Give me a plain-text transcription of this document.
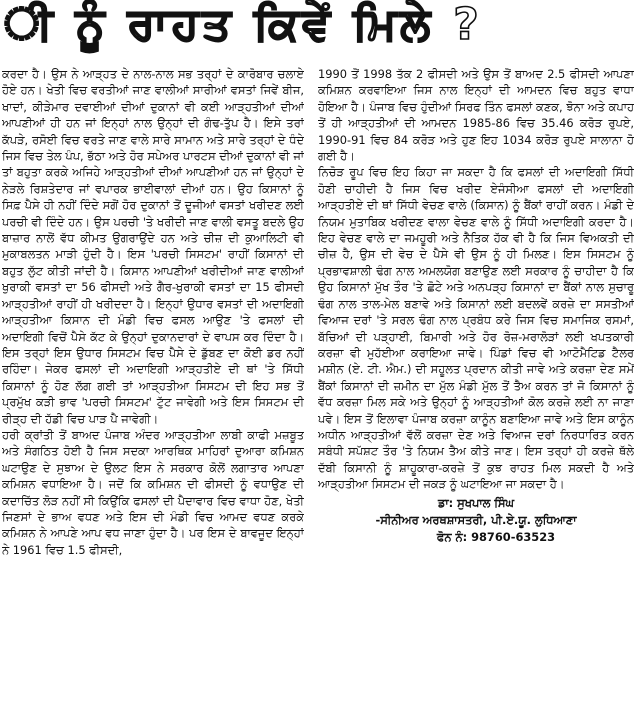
ੀ ਨੂੰ ਰਾਹਤ ਕਿਵੇਂ ਮਿਲੇ ?

ਕਰਦਾ ਹੈ। ਉਸ ਨੇ ਆੜ੍ਹਤ ਦੇ ਨਾਲ-ਨਾਲ ਸਭ ਤਰ੍ਹਾਂ ਦੇ ਕਾਰੋਬਾਰ ਚਲਾਏ ਹੋਏ ਹਨ। ਖੇਤੀ ਵਿਚ ਵਰਤੀਆਂ ਜਾਣ ਵਾਲੀਆਂ ਸਾਰੀਆਂ ਵਸਤਾਂ ਜਿਵੇਂ ਬੀਜ, ਖਾਦਾਂ, ਕੀੜੇਮਾਰ ਦਵਾਈਆਂ ਦੀਆਂ ਦੁਕਾਨਾਂ ਵੀ ਕਈ ਆੜ੍ਹਤੀਆਂ ਦੀਆਂ ਆਪਣੀਆਂ ਹੀ ਹਨ ਜਾਂ ਇਨ੍ਹਾਂ ਨਾਲ ਉਨ੍ਹਾਂ ਦੀ ਗੰਢ-ਤੁੱਪ ਹੈ। ਇਸੇ ਤਰਾਂ ਕੱਪੜੇ, ਰਸੋਈ ਵਿਚ ਵਰਤੇ ਜਾਣ ਵਾਲੇ ਸਾਰੇ ਸਾਮਾਨ ਅਤੇ ਸਾਰੇ ਤਰ੍ਹਾਂ ਦੇ ਧੰਦੇ ਜਿਸ ਵਿਚ ਤੇਲ ਪੰਪ, ਭੱਠਾ ਅਤੇ ਹੋਰ ਸਪੇਅਰ ਪਾਰਟਸ ਦੀਆਂ ਦੁਕਾਨਾਂ ਵੀ ਜਾਂ ਤਾਂ ਬਹੁਤਾ ਕਰਕੇ ਅਜਿਹੇ ਆੜ੍ਹਤੀਆਂ ਦੀਆਂ ਆਪਣੀਆਂ ਹਨ ਜਾਂ ਉਨ੍ਹਾਂ ਦੇ ਨੇੜਲੇ ਰਿਸ਼ਤੇਦਾਰ ਜਾਂ ਵਪਾਰਕ ਭਾਈਵਾਲਾਂ ਦੀਆਂ ਹਨ। ਉਹ ਕਿਸਾਨਾਂ ਨੂੰ ਸਿਫ਼ ਪੈਸੇ ਹੀ ਨਹੀਂ ਦਿੰਦੇ ਸਗੋਂ ਹੋਰ ਦੁਕਾਨਾਂ ਤੋਂ ਦੂਜੀਆਂ ਵਸਤਾਂ ਖਰੀਦਣ ਲਈ ਪਰਚੀ ਵੀ ਦਿੰਦੇ ਹਨ। ਉਸ ਪਰਚੀ 'ਤੇ ਖਰੀਦੀ ਜਾਣ ਵਾਲੀ ਵਸਤੂ ਬਦਲੇ ਉਹ ਬਾਜ਼ਾਰ ਨਾਲੋਂ ਵੱਧ ਕੀਮਤ ਉਗਰਾਉਂਦੇ ਹਨ ਅਤੇ ਚੀਜ਼ ਦੀ ਕੁਆਲਿਟੀ ਵੀ ਮੁਕਾਬਲਤਨ ਮਾੜੀ ਹੁੰਦੀ ਹੈ। ਇਸ 'ਪਰਚੀ ਸਿਸਟਮ' ਰਾਹੀਂ ਕਿਸਾਨਾਂ ਦੀ ਬਹੁਤ ਲੁੱਟ ਕੀਤੀ ਜਾਂਦੀ ਹੈ। ਕਿਸਾਨ ਆਪਣੀਆਂ ਖਰੀਦੀਆਂ ਜਾਣ ਵਾਲੀਆਂ ਖੁਰਾਕੀ ਵਸਤਾਂ ਦਾ 56 ਫੀਸਦੀ ਅਤੇ ਗੈਰ-ਖੁਰਾਕੀ ਵਸਤਾਂ ਦਾ 15 ਫੀਸਦੀ ਆੜ੍ਹਤੀਆਂ ਰਾਹੀਂ ਹੀ ਖਰੀਦਦਾ ਹੈ। ਇਨ੍ਹਾਂ ਉਧਾਰ ਵਸਤਾਂ ਦੀ ਅਦਾਇਗੀ ਆੜ੍ਹਤੀਆ ਕਿਸਾਨ ਦੀ ਮੰਡੀ ਵਿਚ ਫਸਲ ਆਉਣ 'ਤੇ ਫਸਲਾਂ ਦੀ ਅਦਾਇਗੀ ਵਿਚੋਂ ਪੈਸੇ ਕੱਟ ਕੇ ਉਨ੍ਹਾਂ ਦੁਕਾਨਦਾਰਾਂ ਦੇ ਵਾਪਸ ਕਰ ਦਿੰਦਾ ਹੈ। ਇਸ ਤਰ੍ਹਾਂ ਇਸ ਉਧਾਰ ਸਿਸਟਮ ਵਿਚ ਪੈਸੇ ਦੇ ਡੁੱਬਣ ਦਾ ਕੋਈ ਡਰ ਨਹੀਂ ਰਹਿੰਦਾ। ਜੇਕਰ ਫਸਲਾਂ ਦੀ ਅਦਾਇਗੀ ਆੜ੍ਹਤੀਏ ਦੀ ਥਾਂ 'ਤੇ ਸਿੱਧੀ ਕਿਸਾਨਾਂ ਨੂੰ ਹੋਣ ਲੱਗ ਗਈ ਤਾਂ ਆੜ੍ਹਤੀਆ ਸਿਸਟਮ ਦੀ ਇਹ ਸਭ ਤੋਂ ਪ੍ਰਮੁੱਖ ਕੜੀ ਭਾਵ 'ਪਰਚੀ ਸਿਸਟਮ' ਟੁੱਟ ਜਾਵੇਗੀ ਅਤੇ ਇਸ ਸਿਸਟਮ ਦੀ ਰੀੜ੍ਹ ਦੀ ਹੱਡੀ ਵਿਚ ਪਾੜ ਪੈ ਜਾਵੇਗੀ।

ਹਰੀ ਕ੍ਰਾਂਤੀ ਤੋਂ ਬਾਅਦ ਪੰਜਾਬ ਅੰਦਰ ਆੜ੍ਹਤੀਆ ਲਾਬੀ ਕਾਫੀ ਮਜ਼ਬੂਤ ਅਤੇ ਸੰਗਠਿਤ ਹੋਈ ਹੈ ਜਿਸ ਸਦਕਾ ਆਰਥਿਕ ਮਾਹਿਰਾਂ ਦੁਆਰਾ ਕਮਿਸ਼ਨ ਘਟਾਉਣ ਦੇ ਸੁਝਾਅ ਦੇ ਉਲਟ ਇਸ ਨੇ ਸਰਕਾਰ ਕੋਲੋਂ ਲਗਾਤਾਰ ਆਪਣਾ ਕਮਿਸ਼ਨ ਵਧਾਇਆ ਹੈ। ਜਦੋਂ ਕਿ ਕਮਿਸ਼ਨ ਦੀ ਫੀਸਦੀ ਨੂੰ ਵਧਾਉਣ ਦੀ ਕਦਾਚਿੱਤ ਲੋੜ ਨਹੀਂ ਸੀ ਕਿਉਂਕਿ ਫਸਲਾਂ ਦੀ ਪੈਦਾਵਾਰ ਵਿਚ ਵਾਧਾ ਹੋਣ, ਖੇਤੀ ਜਿਣਸਾਂ ਦੇ ਭਾਅ ਵਧਣ ਅਤੇ ਇਸ ਦੀ ਮੰਡੀ ਵਿਚ ਆਮਦ ਵਧਣ ਕਰਕੇ ਕਮਿਸ਼ਨ ਨੇ ਆਪਣੇ ਆਪ ਵਧ ਜਾਣਾ ਹੁੰਦਾ ਹੈ। ਪਰ ਇਸ ਦੇ ਬਾਵਜੂਦ ਇਨ੍ਹਾਂ ਨੇ 1961 ਵਿਚ 1.5 ਫੀਸਦੀ,

1990 ਤੋਂ 1998 ਤੱਕ 2 ਫੀਸਦੀ ਅਤੇ ਉਸ ਤੋਂ ਬਾਅਦ 2.5 ਫੀਸਦੀ ਆਪਣਾ ਕਮਿਸ਼ਨ ਕਰਵਾਇਆ ਜਿਸ ਨਾਲ ਇਨ੍ਹਾਂ ਦੀ ਆਮਦਨ ਵਿਚ ਬਹੁਤ ਵਾਧਾ ਹੋਇਆ ਹੈ। ਪੰਜਾਬ ਵਿਚ ਹੁੰਦੀਆਂ ਸਿਰਫ ਤਿੰਨ ਫਸਲਾਂ ਕਣਕ, ਝੋਨਾ ਅਤੇ ਕਪਾਹ ਤੋਂ ਹੀ ਆੜ੍ਹਤੀਆਂ ਦੀ ਆਮਦਨ 1985-86 ਵਿਚ 35.46 ਕਰੋੜ ਰੁਪਏ, 1990-91 ਵਿਚ 84 ਕਰੋੜ ਅਤੇ ਹੁਣ ਇਹ 1034 ਕਰੋੜ ਰੁਪਏ ਸਾਲਾਨਾ ਹੋ ਗਈ ਹੈ।

ਨਿਚੋੜ ਰੂਪ ਵਿਚ ਇਹ ਕਿਹਾ ਜਾ ਸਕਦਾ ਹੈ ਕਿ ਫਸਲਾਂ ਦੀ ਅਦਾਇਗੀ ਸਿੱਧੀ ਹੋਣੀ ਚਾਹੀਦੀ ਹੈ ਜਿਸ ਵਿਚ ਖਰੀਦ ਏਜੰਸੀਆ ਫਸਲਾਂ ਦੀ ਅਦਾਇਗੀ ਆੜ੍ਹਤੀਏ ਦੀ ਥਾਂ ਸਿੱਧੀ ਵੇਚਣ ਵਾਲੇ (ਕਿਸਾਨ) ਨੂੰ ਬੈਂਕਾਂ ਰਾਹੀਂ ਕਰਨ। ਮੰਡੀ ਦੇ ਨਿਯਮ ਮੁਤਾਬਿਕ ਖਰੀਦਣ ਵਾਲਾ ਵੇਚਣ ਵਾਲੇ ਨੂੰ ਸਿੱਧੀ ਅਦਾਇਗੀ ਕਰਦਾ ਹੈ। ਇਹ ਵੇਚਣ ਵਾਲੇ ਦਾ ਜਮਹੂਰੀ ਅਤੇ ਨੈਤਿਕ ਹੱਕ ਵੀ ਹੈ ਕਿ ਜਿਸ ਵਿਅਕਤੀ ਦੀ ਚੀਜ਼ ਹੈ, ਉਸ ਦੀ ਵੇਚ ਦੇ ਪੈਸੇ ਵੀ ਉਸ ਨੂੰ ਹੀ ਮਿਲਣ। ਇਸ ਸਿਸਟਮ ਨੂੰ ਪ੍ਰਭਾਵਸ਼ਾਲੀ ਢੰਗ ਨਾਲ ਅਮਲਯੋਗ ਬਣਾਉਣ ਲਈ ਸਰਕਾਰ ਨੂੰ ਚਾਹੀਦਾ ਹੈ ਕਿ ਉਹ ਕਿਸਾਨਾਂ ਮੁੱਖ ਤੌਰ 'ਤੇ ਛੋਟੇ ਅਤੇ ਅਨਪੜ੍ਹ ਕਿਸਾਨਾਂ ਦਾ ਬੈਂਕਾਂ ਨਾਲ ਸੁਚਾਰੂ ਢੰਗ ਨਾਲ ਤਾਲ-ਮੇਲ ਬਣਾਵੇ ਅਤੇ ਕਿਸਾਨਾਂ ਲਈ ਬਦਲਵੇਂ ਕਰਜ਼ੇ ਦਾ ਸਸਤੀਆਂ ਵਿਆਜ ਦਰਾਂ 'ਤੇ ਸਰਲ ਢੰਗ ਨਾਲ ਪ੍ਰਬੰਧ ਕਰੇ ਜਿਸ ਵਿਚ ਸਮਾਜਿਕ ਰਸਮਾਂ, ਬੱਚਿਆਂ ਦੀ ਪੜ੍ਹਾਈ, ਬਿਮਾਰੀ ਅਤੇ ਹੋਰ ਰੋਜ਼-ਮਰਾਲੋੜਾਂ ਲਈ ਖਪਤਕਾਰੀ ਕਰਜ਼ਾ ਵੀ ਮੁਹੱਈਆ ਕਰਾਇਆ ਜਾਵੇ। ਪਿੰਡਾਂ ਵਿਚ ਵੀ ਆਟੋਮੈਟਿਡ ਟੈਲਰ ਮਸ਼ੀਨ (ਏ. ਟੀ. ਐਮ.) ਦੀ ਸਹੂਲਤ ਪ੍ਰਦਾਨ ਕੀਤੀ ਜਾਵੇ ਅਤੇ ਕਰਜ਼ਾ ਦੇਣ ਸਮੇਂ ਬੈਂਕਾਂ ਕਿਸਾਨਾਂ ਦੀ ਜ਼ਮੀਨ ਦਾ ਮੁੱਲ ਮੰਡੀ ਮੁੱਲ ਤੋਂ ਤੈਅ ਕਰਨ ਤਾਂ ਜੋ ਕਿਸਾਨਾਂ ਨੂੰ ਵੱਧ ਕਰਜ਼ਾ ਮਿਲ ਸਕੇ ਅਤੇ ਉਨ੍ਹਾਂ ਨੂੰ ਆੜ੍ਹਤੀਆਂ ਕੋਲ ਕਰਜ਼ੇ ਲਈ ਨਾ ਜਾਣਾ ਪਵੇ। ਇਸ ਤੋਂ ਇਲਾਵਾ ਪੰਜਾਬ ਕਰਜ਼ਾ ਕਾਨੂੰਨ ਬਣਾਇਆ ਜਾਵੇ ਅਤੇ ਇਸ ਕਾਨੂੰਨ ਅਧੀਨ ਆੜ੍ਹਤੀਆਂ ਵੱਲੋਂ ਕਰਜ਼ਾ ਦੇਣ ਅਤੇ ਵਿਆਜ ਦਰਾਂ ਨਿਰਧਾਰਿਤ ਕਰਨ ਸਬੰਧੀ ਸਪੱਸ਼ਟ ਤੌਰ 'ਤੇ ਨਿਯਮ ਤੈਅ ਕੀਤੇ ਜਾਣ। ਇਸ ਤਰ੍ਹਾਂ ਹੀ ਕਰਜ਼ੇ ਥੱਲੇ ਦੱਬੀ ਕਿਸਾਨੀ ਨੂੰ ਸ਼ਾਹੂਕਾਰਾ-ਕਰਜ਼ੇ ਤੋਂ ਕੁਝ ਰਾਹਤ ਮਿਲ ਸਕਦੀ ਹੈ ਅਤੇ ਆੜ੍ਹਤੀਆ ਸਿਸਟਮ ਦੀ ਜਕੜ ਨੂੰ ਘਟਾਇਆ ਜਾ ਸਕਦਾ ਹੈ।

ਡਾ: ਸੁਖਪਾਲ ਸਿੰਘ
-ਸੀਨੀਅਰ ਅਰਥਸ਼ਾਸਤਰੀ, ਪੀ.ਏ.ਯੂ. ਲੁਧਿਆਣਾ
ਫੋਨ ਨੰ: 98760-63523
